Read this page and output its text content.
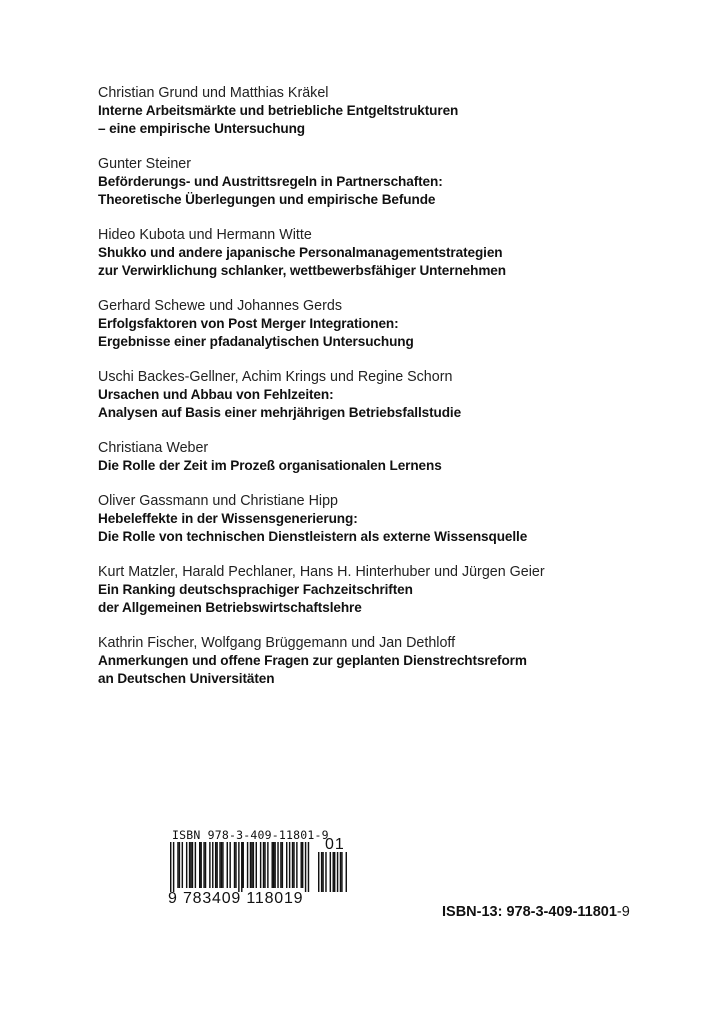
Christian Grund und Matthias Kräkel
Interne Arbeitsmärkte und betriebliche Entgeltstrukturen
– eine empirische Untersuchung
Gunter Steiner
Beförderungs- und Austrittsregeln in Partnerschaften:
Theoretische Überlegungen und empirische Befunde
Hideo Kubota und Hermann Witte
Shukko und andere japanische Personalmanagementstrategien
zur Verwirklichung schlanker, wettbewerbsfähiger Unternehmen
Gerhard Schewe und Johannes Gerds
Erfolgsfaktoren von Post Merger Integrationen:
Ergebnisse einer pfadanalytischen Untersuchung
Uschi Backes-Gellner, Achim Krings und Regine Schorn
Ursachen und Abbau von Fehlzeiten:
Analysen auf Basis einer mehrjährigen Betriebsfallstudie
Christiana Weber
Die Rolle der Zeit im Prozeß organisationalen Lernens
Oliver Gassmann und Christiane Hipp
Hebeleffekte in der Wissensgenerierung:
Die Rolle von technischen Dienstleistern als externe Wissensquelle
Kurt Matzler, Harald Pechlaner, Hans H. Hinterhuber und Jürgen Geier
Ein Ranking deutschsprachiger Fachzeitschriften
der Allgemeinen Betriebswirtschaftslehre
Kathrin Fischer, Wolfgang Brüggemann und Jan Dethloff
Anmerkungen und offene Fragen zur geplanten Dienstrechtsreform
an Deutschen Universitäten
ISBN 978-3-409-11801-9
9 783409 118019
01
ISBN-13: 978-3-409-11801-9
